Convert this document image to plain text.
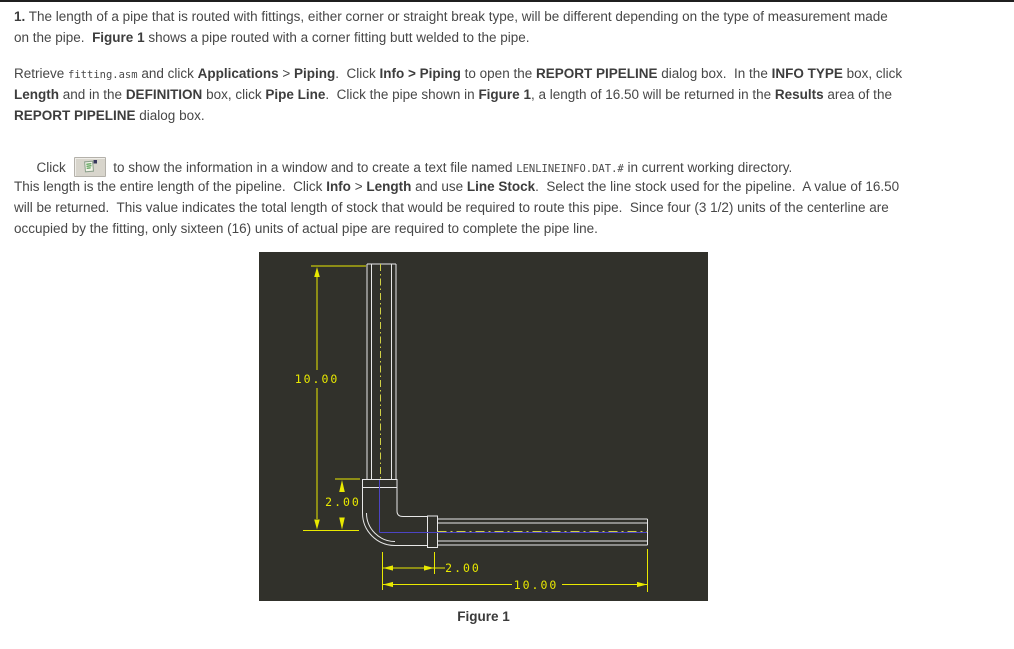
1. The length of a pipe that is routed with fittings, either corner or straight break type, will be different depending on the type of measurement made
on the pipe.  Figure 1 shows a pipe routed with a corner fitting butt welded to the pipe.
Retrieve fitting.asm and click Applications > Piping.  Click Info > Piping to open the REPORT PIPELINE dialog box.  In the INFO TYPE box, click
Length and in the DEFINITION box, click Pipe Line.  Click the pipe shown in Figure 1, a length of 16.50 will be returned in the Results area of the
REPORT PIPELINE dialog box.

Click	to show the information in a window and to create a text file named LENLINEINFO.DAT.# in current working directory.

This length is the entire length of the pipeline.  Click Info > Length and use Line Stock.  Select the line stock used for the pipeline.  A value of 16.50
will be returned.  This value indicates the total length of stock that would be required to route this pipe.  Since four (3 1/2) units of the centerline are
occupied by the fitting, only sixteen (16) units of actual pipe are required to complete the pipe line.
10.00
2.00
2.00
10.00
Figure 1
